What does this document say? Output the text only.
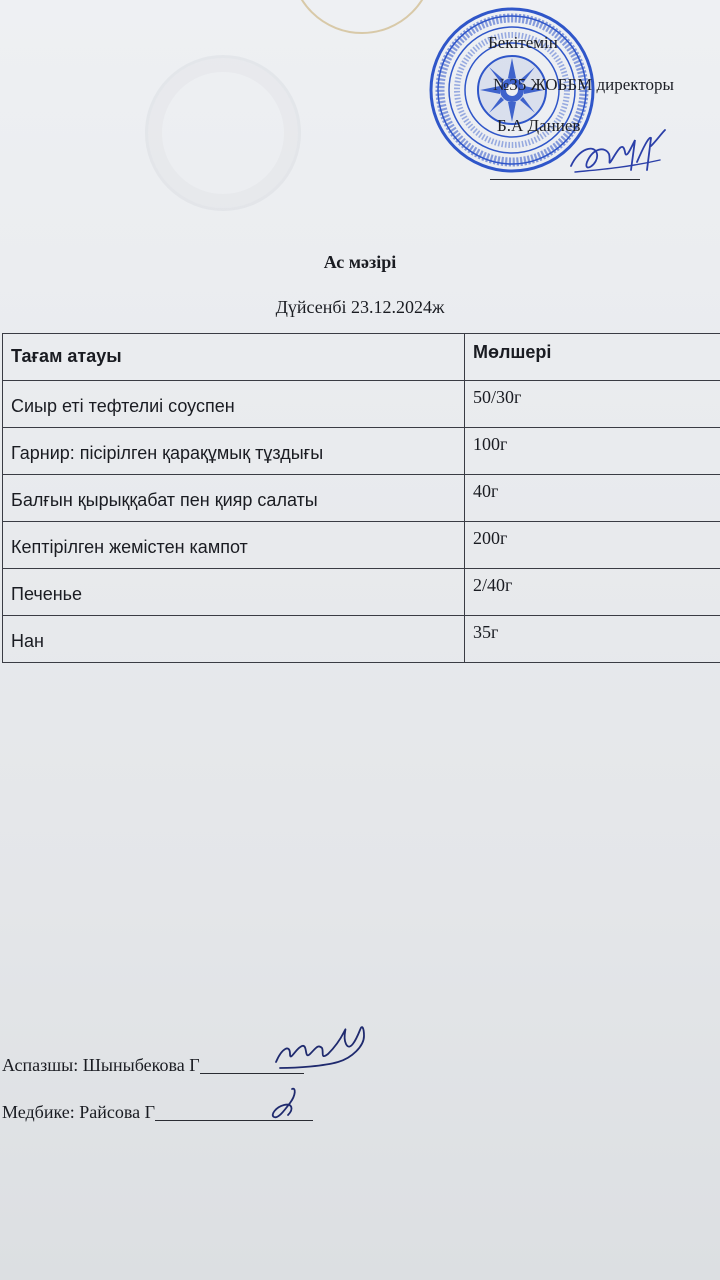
Бекітемін
№35 ЖОББМ директоры
Б.А Даниев
Ас мәзірі
Дүйсенбі 23.12.2024ж
Тағам атауы	Мөлшері

Сиыр еті тефтелиі соуспен	50/30г

Гарнир: пісірілген қарақұмық тұздығы	100г

Балғын қырыққабат пен қияр салаты	40г

Кептірілген жемістен кампот	200г

Печенье	2/40г

Нан	35г
Аспазшы: Шыныбекова Г
Медбике: Райсова Г
